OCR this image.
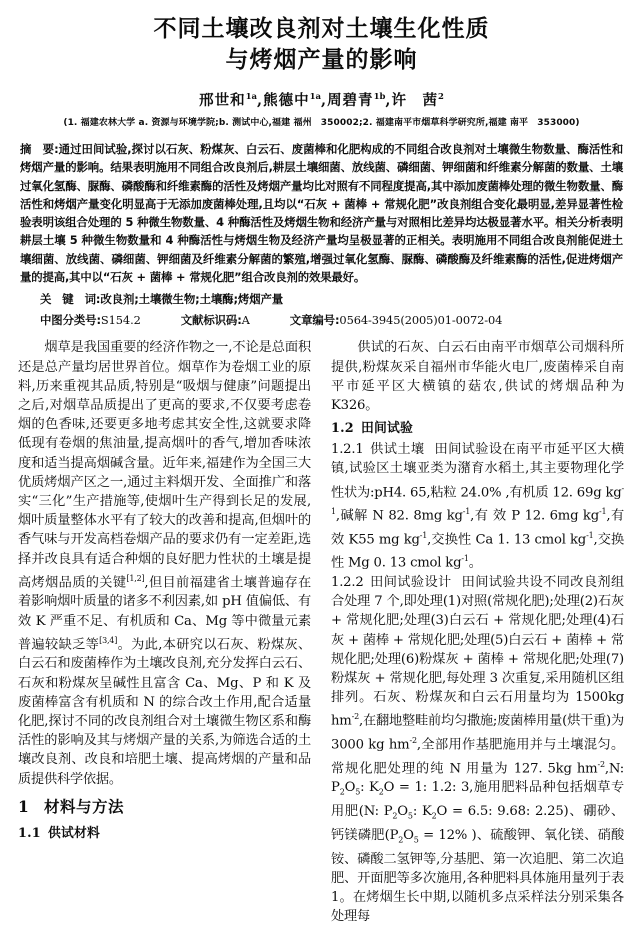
不同土壤改良剂对土壤生化性质
与烤烟产量的影响
邢世和$^{1a}$,熊德中$^{1a}$,周碧青$^{1b}$,许　茜$^2$
(1. 福建农林大学 a. 资源与环境学院;b. 测试中心,福建 福州　350002;2. 福建南平市烟草科学研究所,福建 南平　353000)
摘 要:通过田间试验,探讨以石灰、粉煤灰、白云石、废菌棒和化肥构成的不同组合改良剂对土壤微生物数量、酶活性和烤烟产量的影响。结果表明施用不同组合改良剂后,耕层土壤细菌、放线菌、磷细菌、钾细菌和纤维素分解菌的数量、土壤过氧化氢酶、脲酶、磷酸酶和纤维素酶的活性及烤烟产量均比对照有不同程度提高,其中添加废菌棒处理的微生物数量、酶活性和烤烟产量变化明显高于无添加废菌棒处理,且均以“石灰 + 菌棒 + 常规化肥”改良剂组合变化最明显,差异显著性检验表明该组合处理的 5 种微生物数量、4 种酶活性及烤烟生物和经济产量与对照相比差异均达极显著水平。相关分析表明耕层土壤 5 种微生物数量和 4 种酶活性与烤烟生物及经济产量均呈极显著的正相关。表明施用不同组合改良剂能促进土壤细菌、放线菌、磷细菌、钾细菌及纤维素分解菌的繁殖,增强过氧化氢酶、脲酶、磷酸酶及纤维素酶的活性,促进烤烟产量的提高,其中以“石灰 + 菌棒 + 常规化肥”组合改良剂的效果最好。
关 键 词:改良剂;土壤微生物;土壤酶;烤烟产量
中图分类号:S154.2	文献标识码:A	文章编号:0564-3945(2005)01-0072-04

烟草是我国重要的经济作物之一,不论是总面积还是总产量均居世界首位。烟草作为卷烟工业的原料,历来重视其品质,特别是“吸烟与健康”问题提出之后,对烟草品质提出了更高的要求,不仅要考虑卷烟的色香味,还要更多地考虑其安全性,这就要求降低现有卷烟的焦油量,提高烟叶的香气,增加香味浓度和适当提高烟碱含量。近年来,福建作为全国三大优质烤烟产区之一,通过主料烟开发、全面推广和落实“三化”生产措施等,使烟叶生产得到长足的发展,烟叶质量整体水平有了较大的改善和提高,但烟叶的香气味与开发高档卷烟产品的要求仍有一定差距,选择并改良具有适合种烟的良好肥力性状的土壤是提高烤烟品质的关键[1,2],但目前福建省土壤普遍存在着影响烟叶质量的诸多不利因素,如 pH 值偏低、有效 K 严重不足、有机质和 Ca、Mg 等中微量元素普遍较缺乏等[3,4]。为此,本研究以石灰、粉煤灰、白云石和废菌棒作为土壤改良剂,充分发挥白云石、石灰和粉煤灰呈碱性且富含 Ca、Mg、P 和 K 及废菌棒富含有机质和 N 的综合改土作用,配合适量化肥,探讨不同的改良剂组合对土壤微生物区系和酶活性的影响及其与烤烟产量的关系,为筛选合适的土壤改良剂、改良和培肥土壤、提高烤烟的产量和品质提供科学依据。

1 材料与方法
1.1 供试材料

供试的石灰、白云石由南平市烟草公司烟科所提供,粉煤灰采自福州市华能火电厂,废菌棒采自南平市延平区大横镇的菇农,供试的烤烟品种为 K326。

1.2 田间试验

1.2.1 供试土壤 田间试验设在南平市延平区大横镇,试验区土壤亚类为潴育水稻土,其主要物理化学性状为:pH4. 65,粘粒 24.0% ,有机质 12. 69g $kg^{-1}$,碱解 N 82. 8mg $kg^{-1}$,有 效 P 12. 6mg $kg^{-1}$,有 效 K55 mg $kg^{-1}$,交换性 Ca 1. 13 cmol $kg^{-1}$,交换性 Mg 0. 13 cmol $kg^{-1}$。

1.2.2 田间试验设计 田间试验共设不同改良剂组合处理 7 个,即处理(1)对照(常规化肥);处理(2)石灰 + 常规化肥;处理(3)白云石 + 常规化肥;处理(4)石灰 + 菌棒 + 常规化肥;处理(5)白云石 + 菌棒 + 常规化肥;处理(6)粉煤灰 + 菌棒 + 常规化肥;处理(7)粉煤灰 + 常规化肥,每处理 3 次重复,采用随机区组排列。石灰、粉煤灰和白云石用量均为 1500kg $hm^{-2}$,在翻地整畦前均匀撒施;废菌棒用量(烘干重)为 3000 kg $hm^{-2}$,全部用作基肥施用并与土壤混匀。常规化肥处理的纯 N 用量为 127. 5kg $hm^{-2},N$: $P_2O_5$: $K_2O = 1$: 1.2: 3,施用肥料品种包括烟草专用肥(N: $P_2O_5$: $K_2O = 6.5$: 9.68: 2.25)、硼砂、钙镁磷肥($P_2O_5 = 12\%$ )、硫酸钾、氧化镁、硝酸铵、磷酸二氢钾等,分基肥、第一次追肥、第二次追肥、开面肥等多次施用,各种肥料具体施用量列于表 1。在烤烟生长中期,以随机多点采样法分别采集各处理每
